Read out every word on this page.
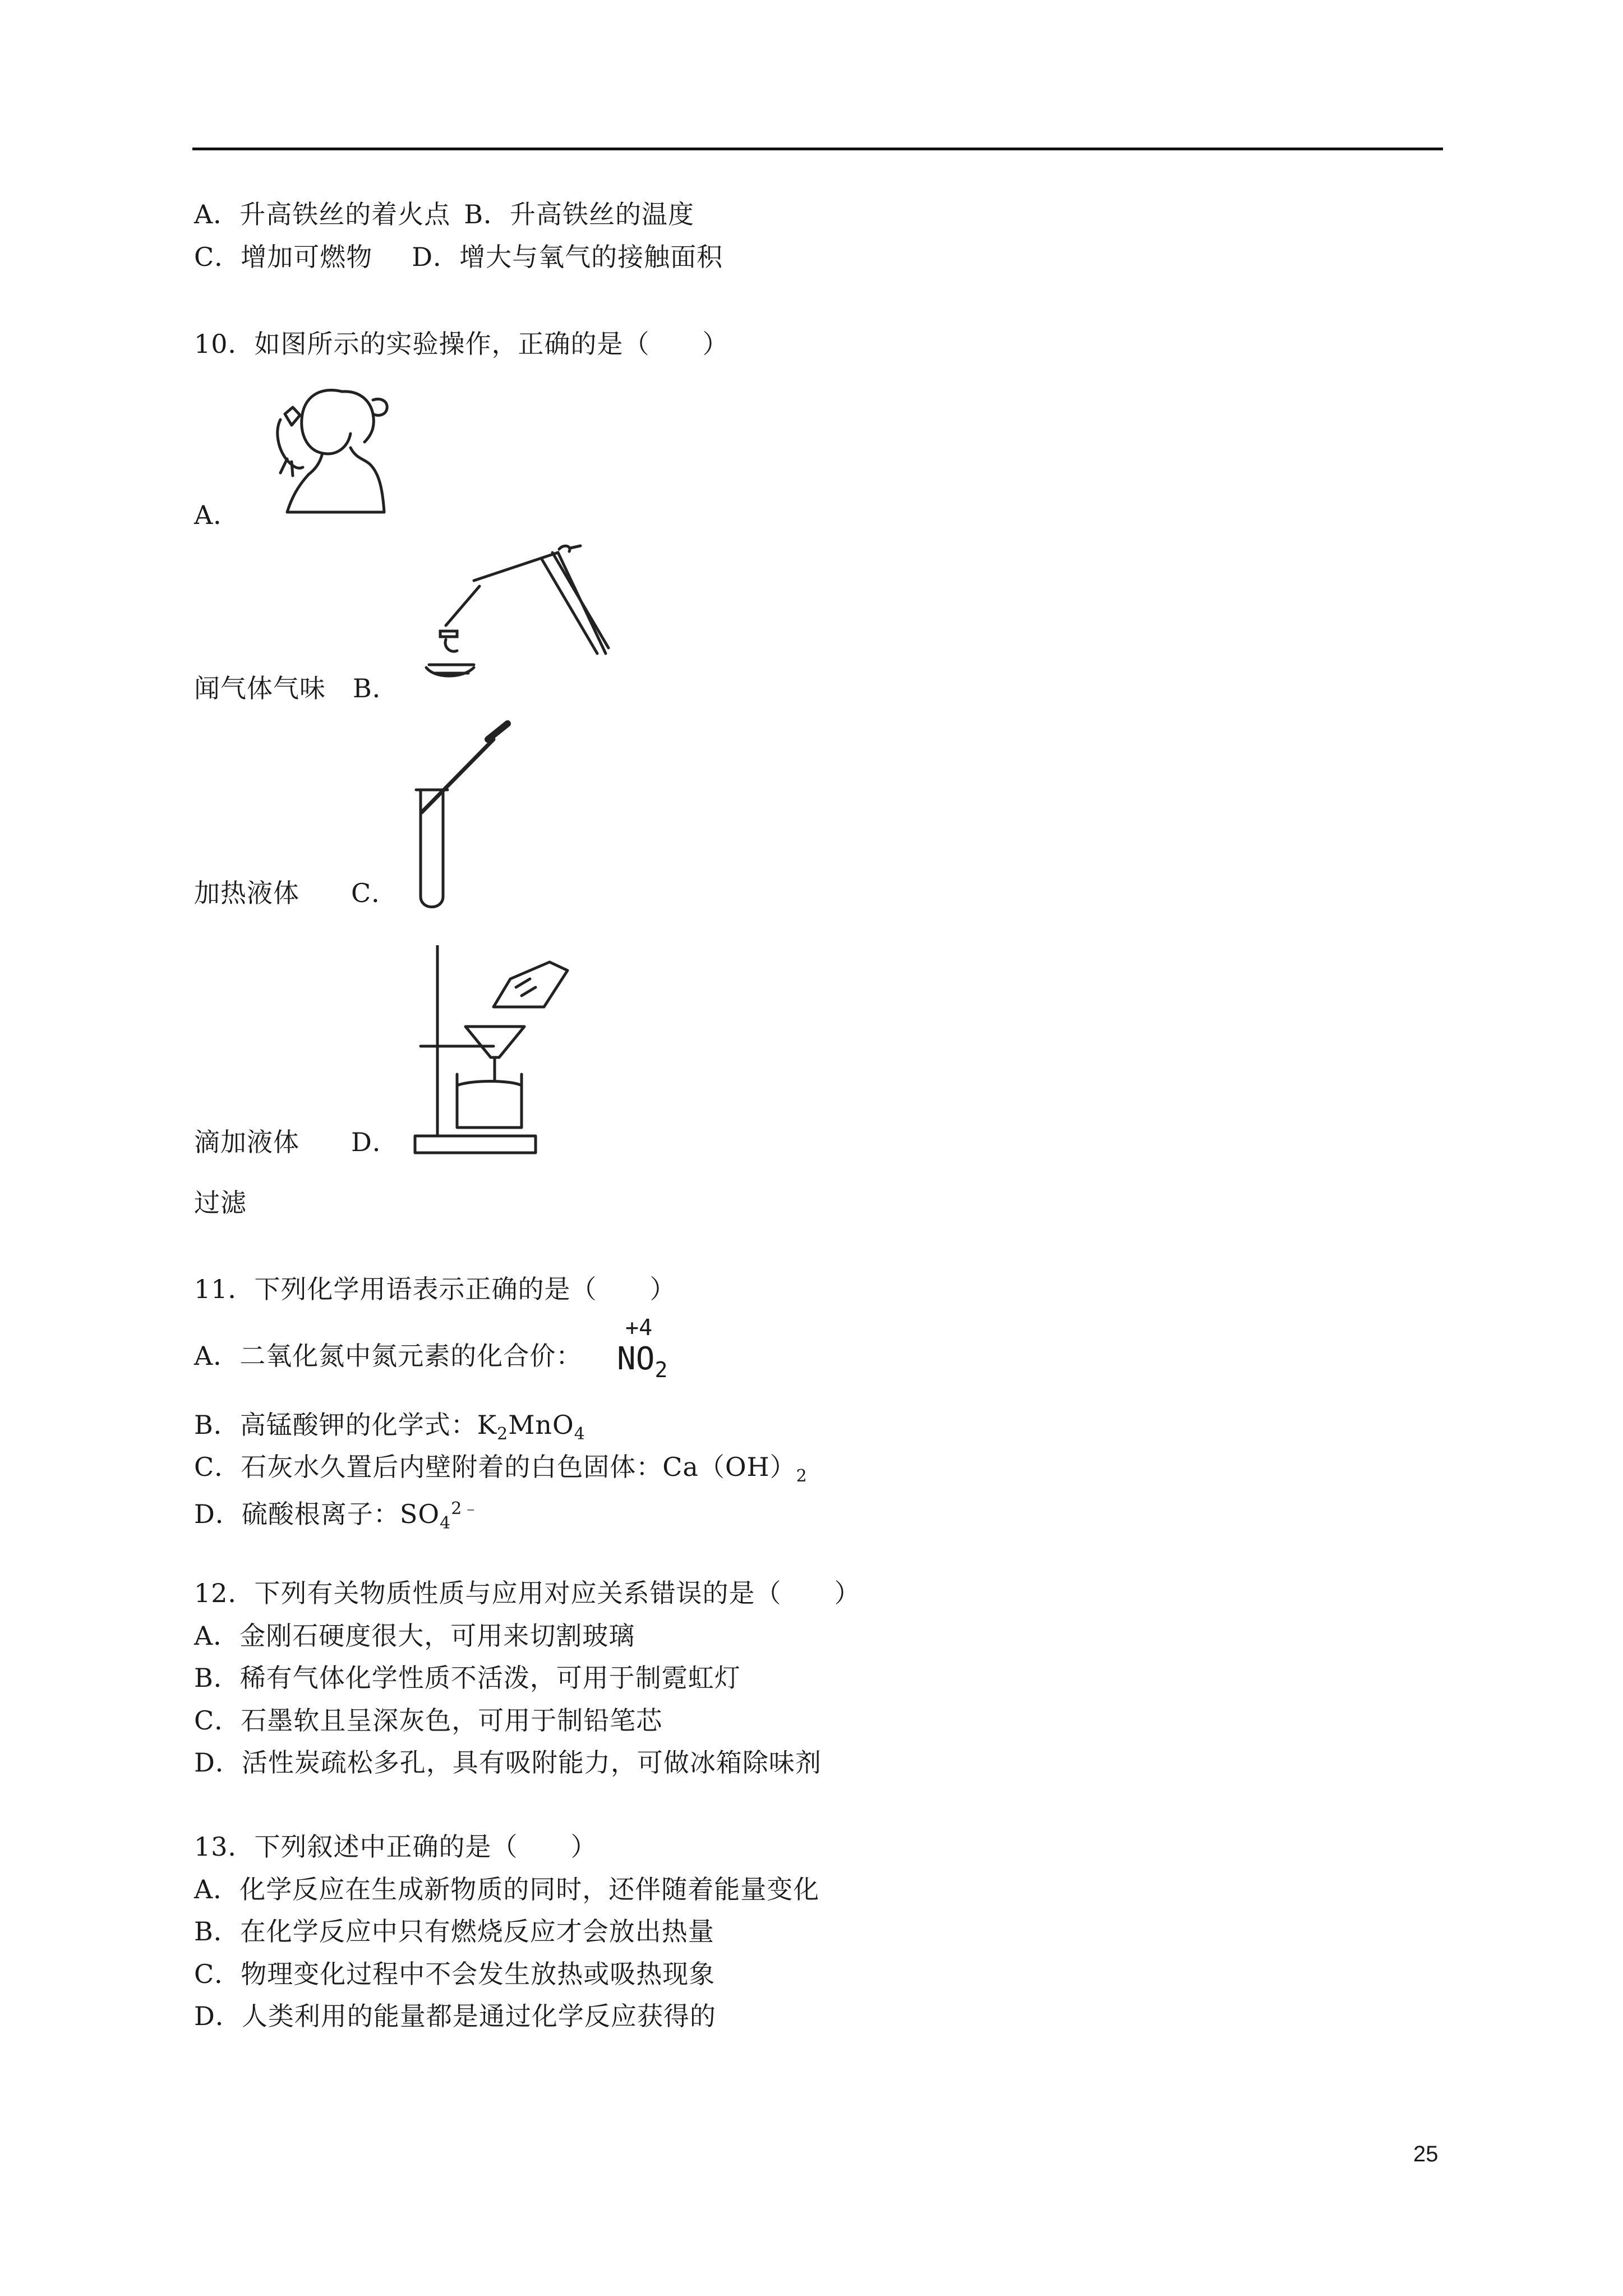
A．升高铁丝的着火点 B．升高铁丝的温度
C．增加可燃物 D．增大与氧气的接触面积
10．如图所示的实验操作，正确的是（　　）
A．
闻气体气味 B．
加热液体 C．
滴加液体 D．
过滤
11．下列化学用语表示正确的是（　　）
A．二氧化氮中氮元素的化合价：
+4
$NO_2$
B．高锰酸钾的化学式：$K_2MnO_4$
C．石灰水久置后内壁附着的白色固体：$Ca(OH)_2$
D．硫酸根离子：$SO_4^{2﹣}$
12．下列有关物质性质与应用对应关系错误的是（　　）
A．金刚石硬度很大，可用来切割玻璃
B．稀有气体化学性质不活泼，可用于制霓虹灯
C．石墨软且呈深灰色，可用于制铅笔芯
D．活性炭疏松多孔，具有吸附能力，可做冰箱除味剂
13．下列叙述中正确的是（　　）
A．化学反应在生成新物质的同时，还伴随着能量变化
B．在化学反应中只有燃烧反应才会放出热量
C．物理变化过程中不会发生放热或吸热现象
D．人类利用的能量都是通过化学反应获得的
25
